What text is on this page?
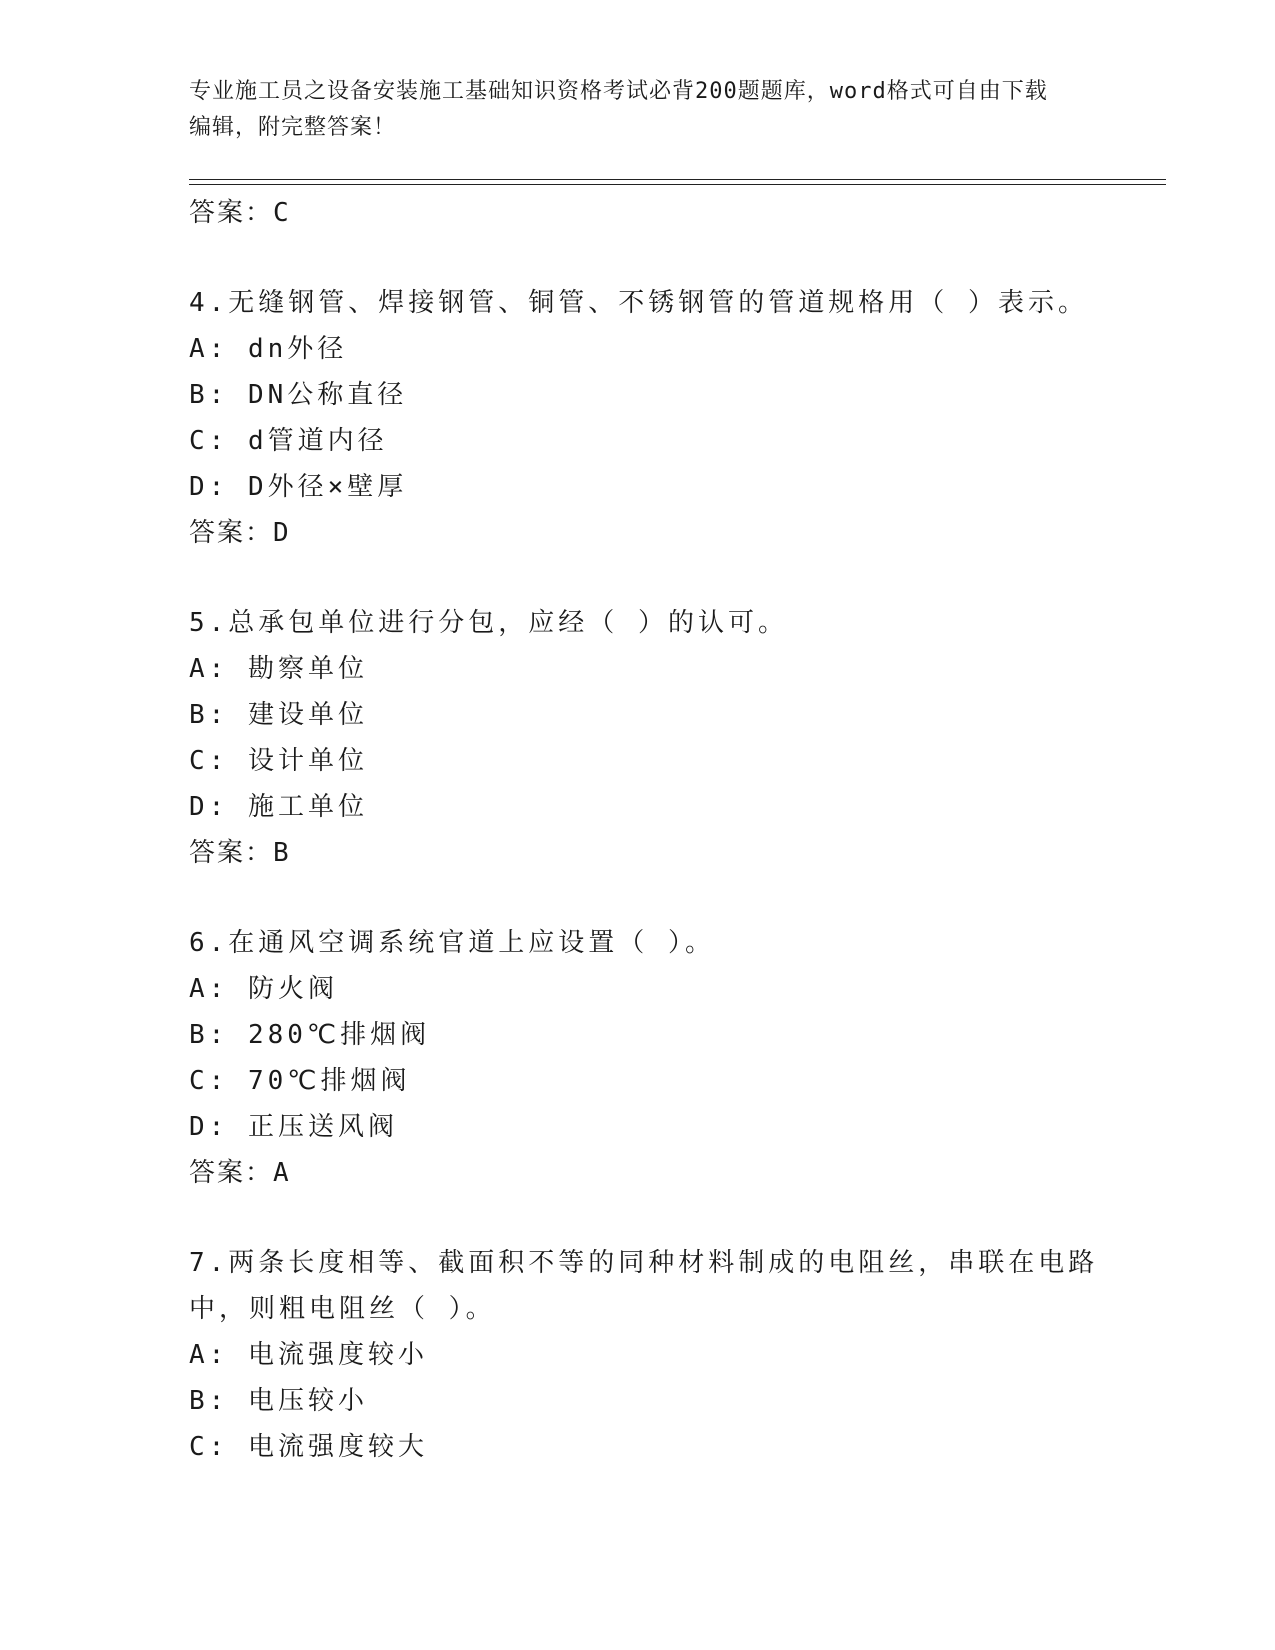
专业施工员之设备安装施工基础知识资格考试必背200题题库，word格式可自由下载编辑，附完整答案！

答案：C

4.无缝钢管、焊接钢管、铜管、不锈钢管的管道规格用（ ）表示。

A: dn外径

B: DN公称直径

C: d管道内径

D: D外径×壁厚

答案：D

5.总承包单位进行分包，应经（ ）的认可。

A: 勘察单位

B: 建设单位

C: 设计单位

D: 施工单位

答案：B

6.在通风空调系统官道上应设置（ ）。

A: 防火阀

B: 280℃排烟阀

C: 70℃排烟阀

D: 正压送风阀

答案：A

7.两条长度相等、截面积不等的同种材料制成的电阻丝，串联在电路中，则粗电阻丝（ ）。

A: 电流强度较小

B: 电压较小

C: 电流强度较大
